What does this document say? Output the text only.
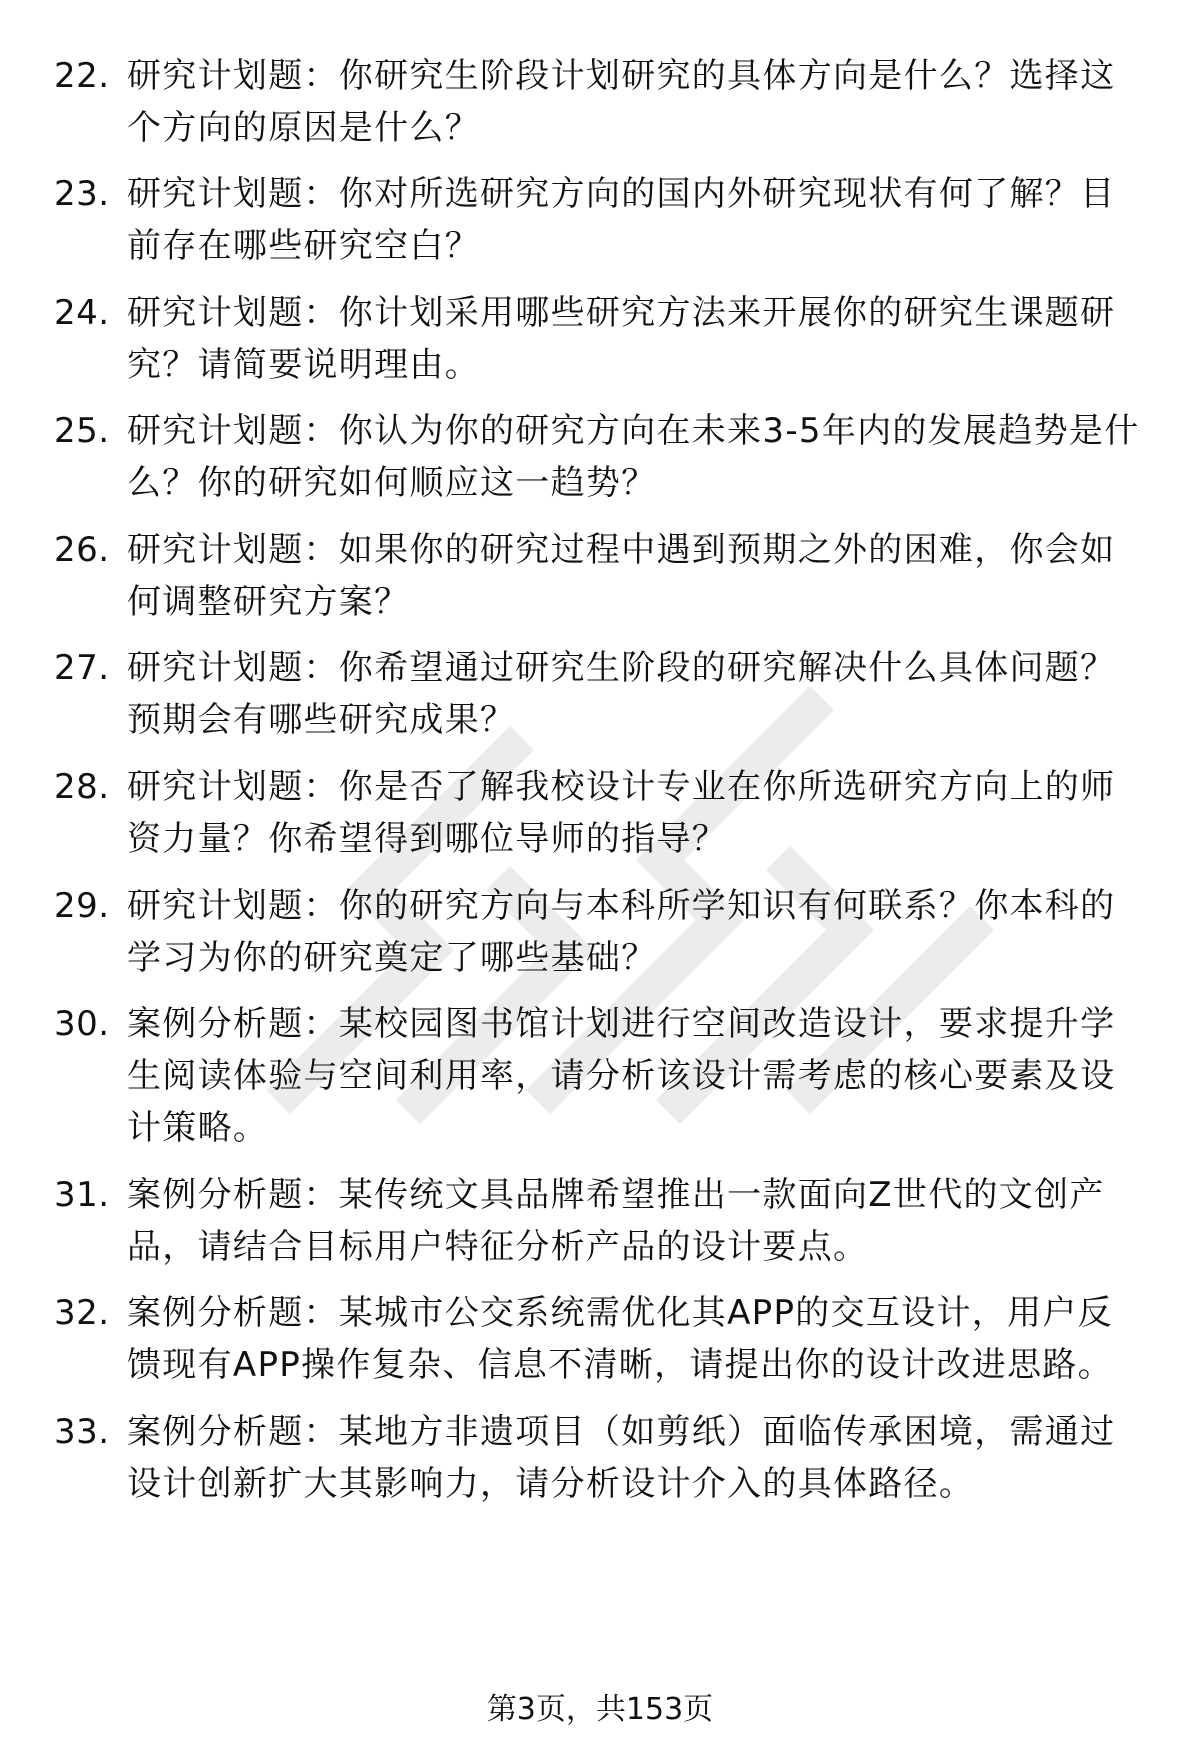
22. 研究计划题：你研究生阶段计划研究的具体方向是什么？选择这个方向的原因是什么？
23. 研究计划题：你对所选研究方向的国内外研究现状有何了解？目前存在哪些研究空白？
24. 研究计划题：你计划采用哪些研究方法来开展你的研究生课题研究？请简要说明理由。
25. 研究计划题：你认为你的研究方向在未来3-5年内的发展趋势是什么？你的研究如何顺应这一趋势？
26. 研究计划题：如果你的研究过程中遇到预期之外的困难，你会如何调整研究方案？
27. 研究计划题：你希望通过研究生阶段的研究解决什么具体问题？预期会有哪些研究成果？
28. 研究计划题：你是否了解我校设计专业在你所选研究方向上的师资力量？你希望得到哪位导师的指导？
29. 研究计划题：你的研究方向与本科所学知识有何联系？你本科的学习为你的研究奠定了哪些基础？
30. 案例分析题：某校园图书馆计划进行空间改造设计，要求提升学生阅读体验与空间利用率，请分析该设计需考虑的核心要素及设计策略。
31. 案例分析题：某传统文具品牌希望推出一款面向Z世代的文创产品，请结合目标用户特征分析产品的设计要点。
32. 案例分析题：某城市公交系统需优化其APP的交互设计，用户反馈现有APP操作复杂、信息不清晰，请提出你的设计改进思路。
33. 案例分析题：某地方非遗项目（如剪纸）面临传承困境，需通过设计创新扩大其影响力，请分析设计介入的具体路径。
第3页，共153页
